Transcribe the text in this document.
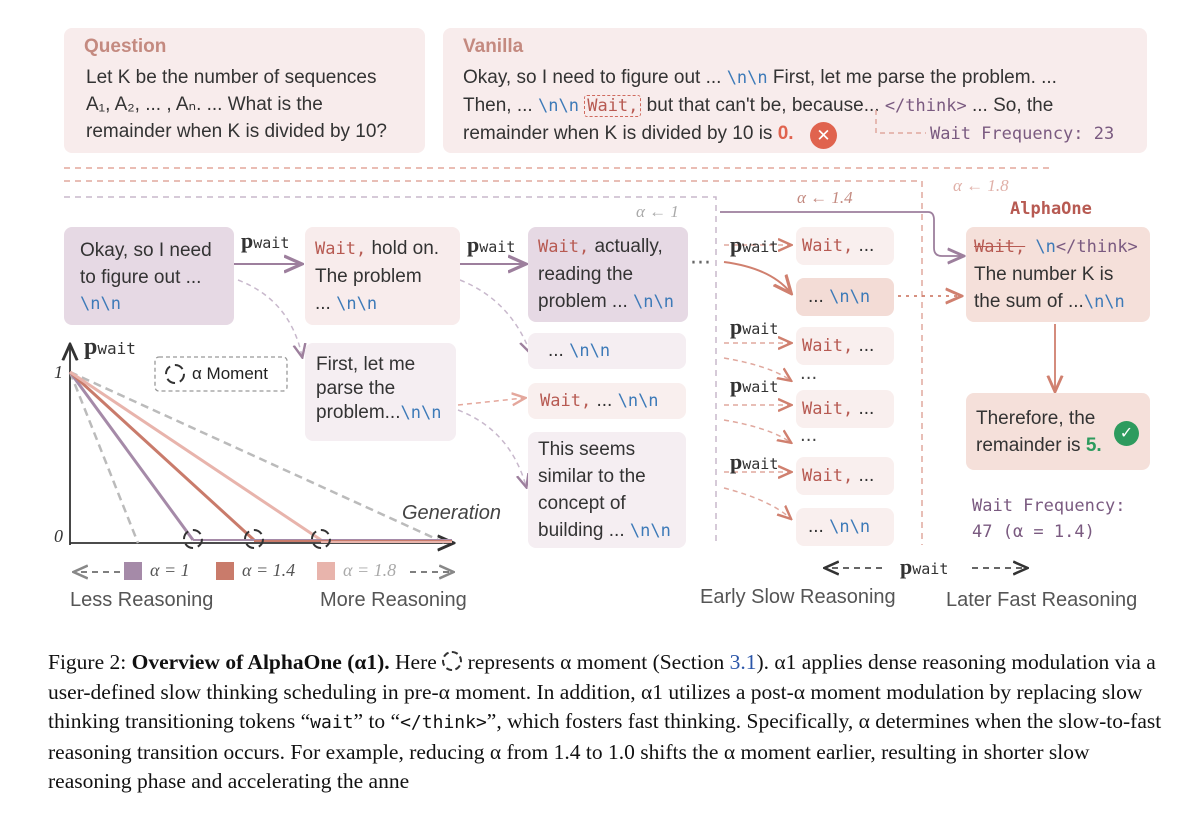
Question
Let K be the number of sequences
A₁, A₂, ... , Aₙ. ... What is the
remainder when K is divided by 10?
Vanilla
Okay, so I need to figure out ... \n\n First, let me parse the problem. ...
Then, ... \n\n Wait, but that can't be, because... </think> ... So, the
remainder when K is divided by 10 is 0.	✕	Wait Frequency: 23
···
···
···
α ← 1
α ← 1.4
α ← 1.8
AlphaOne
pwait	pwait	pwait
pwait
pwait
pwait
pwait
Okay, so I need
to figure out ...
\n\n
Wait, hold on.
The problem
... \n\n
Wait, actually,
reading the
problem ... \n\n
First, let me
parse the
problem...\n\n
... \n\n
Wait, ... \n\n
This seems
similar to the
concept of
building ... \n\n
Wait, ...
... \n\n
Wait, ...
Wait, ...
Wait, ...
... \n\n
Wait, \n</think>
The number K is
the sum of ...\n\n
Therefore, the
remainder is 5.
✓
Wait Frequency:
47 (α = 1.4)
pwait
1
0
Generation
α Moment
α = 1	α = 1.4	α = 1.8
Less Reasoning	More Reasoning	Early Slow Reasoning	Later Fast Reasoning
Figure 2: Overview of AlphaOne (α1). Here  represents α moment (Section 3.1). α1 applies dense reasoning modulation via a user-defined slow thinking scheduling in pre-α moment. In addition, α1 utilizes a post-α moment modulation by replacing slow thinking transitioning tokens “wait” to “</think>”, which fosters fast thinking. Specifically, α determines when the slow-to-fast reasoning transition occurs. For example, reducing α from 1.4 to 1.0 shifts the α moment earlier, resulting in shorter slow reasoning phase and accelerating the anne
